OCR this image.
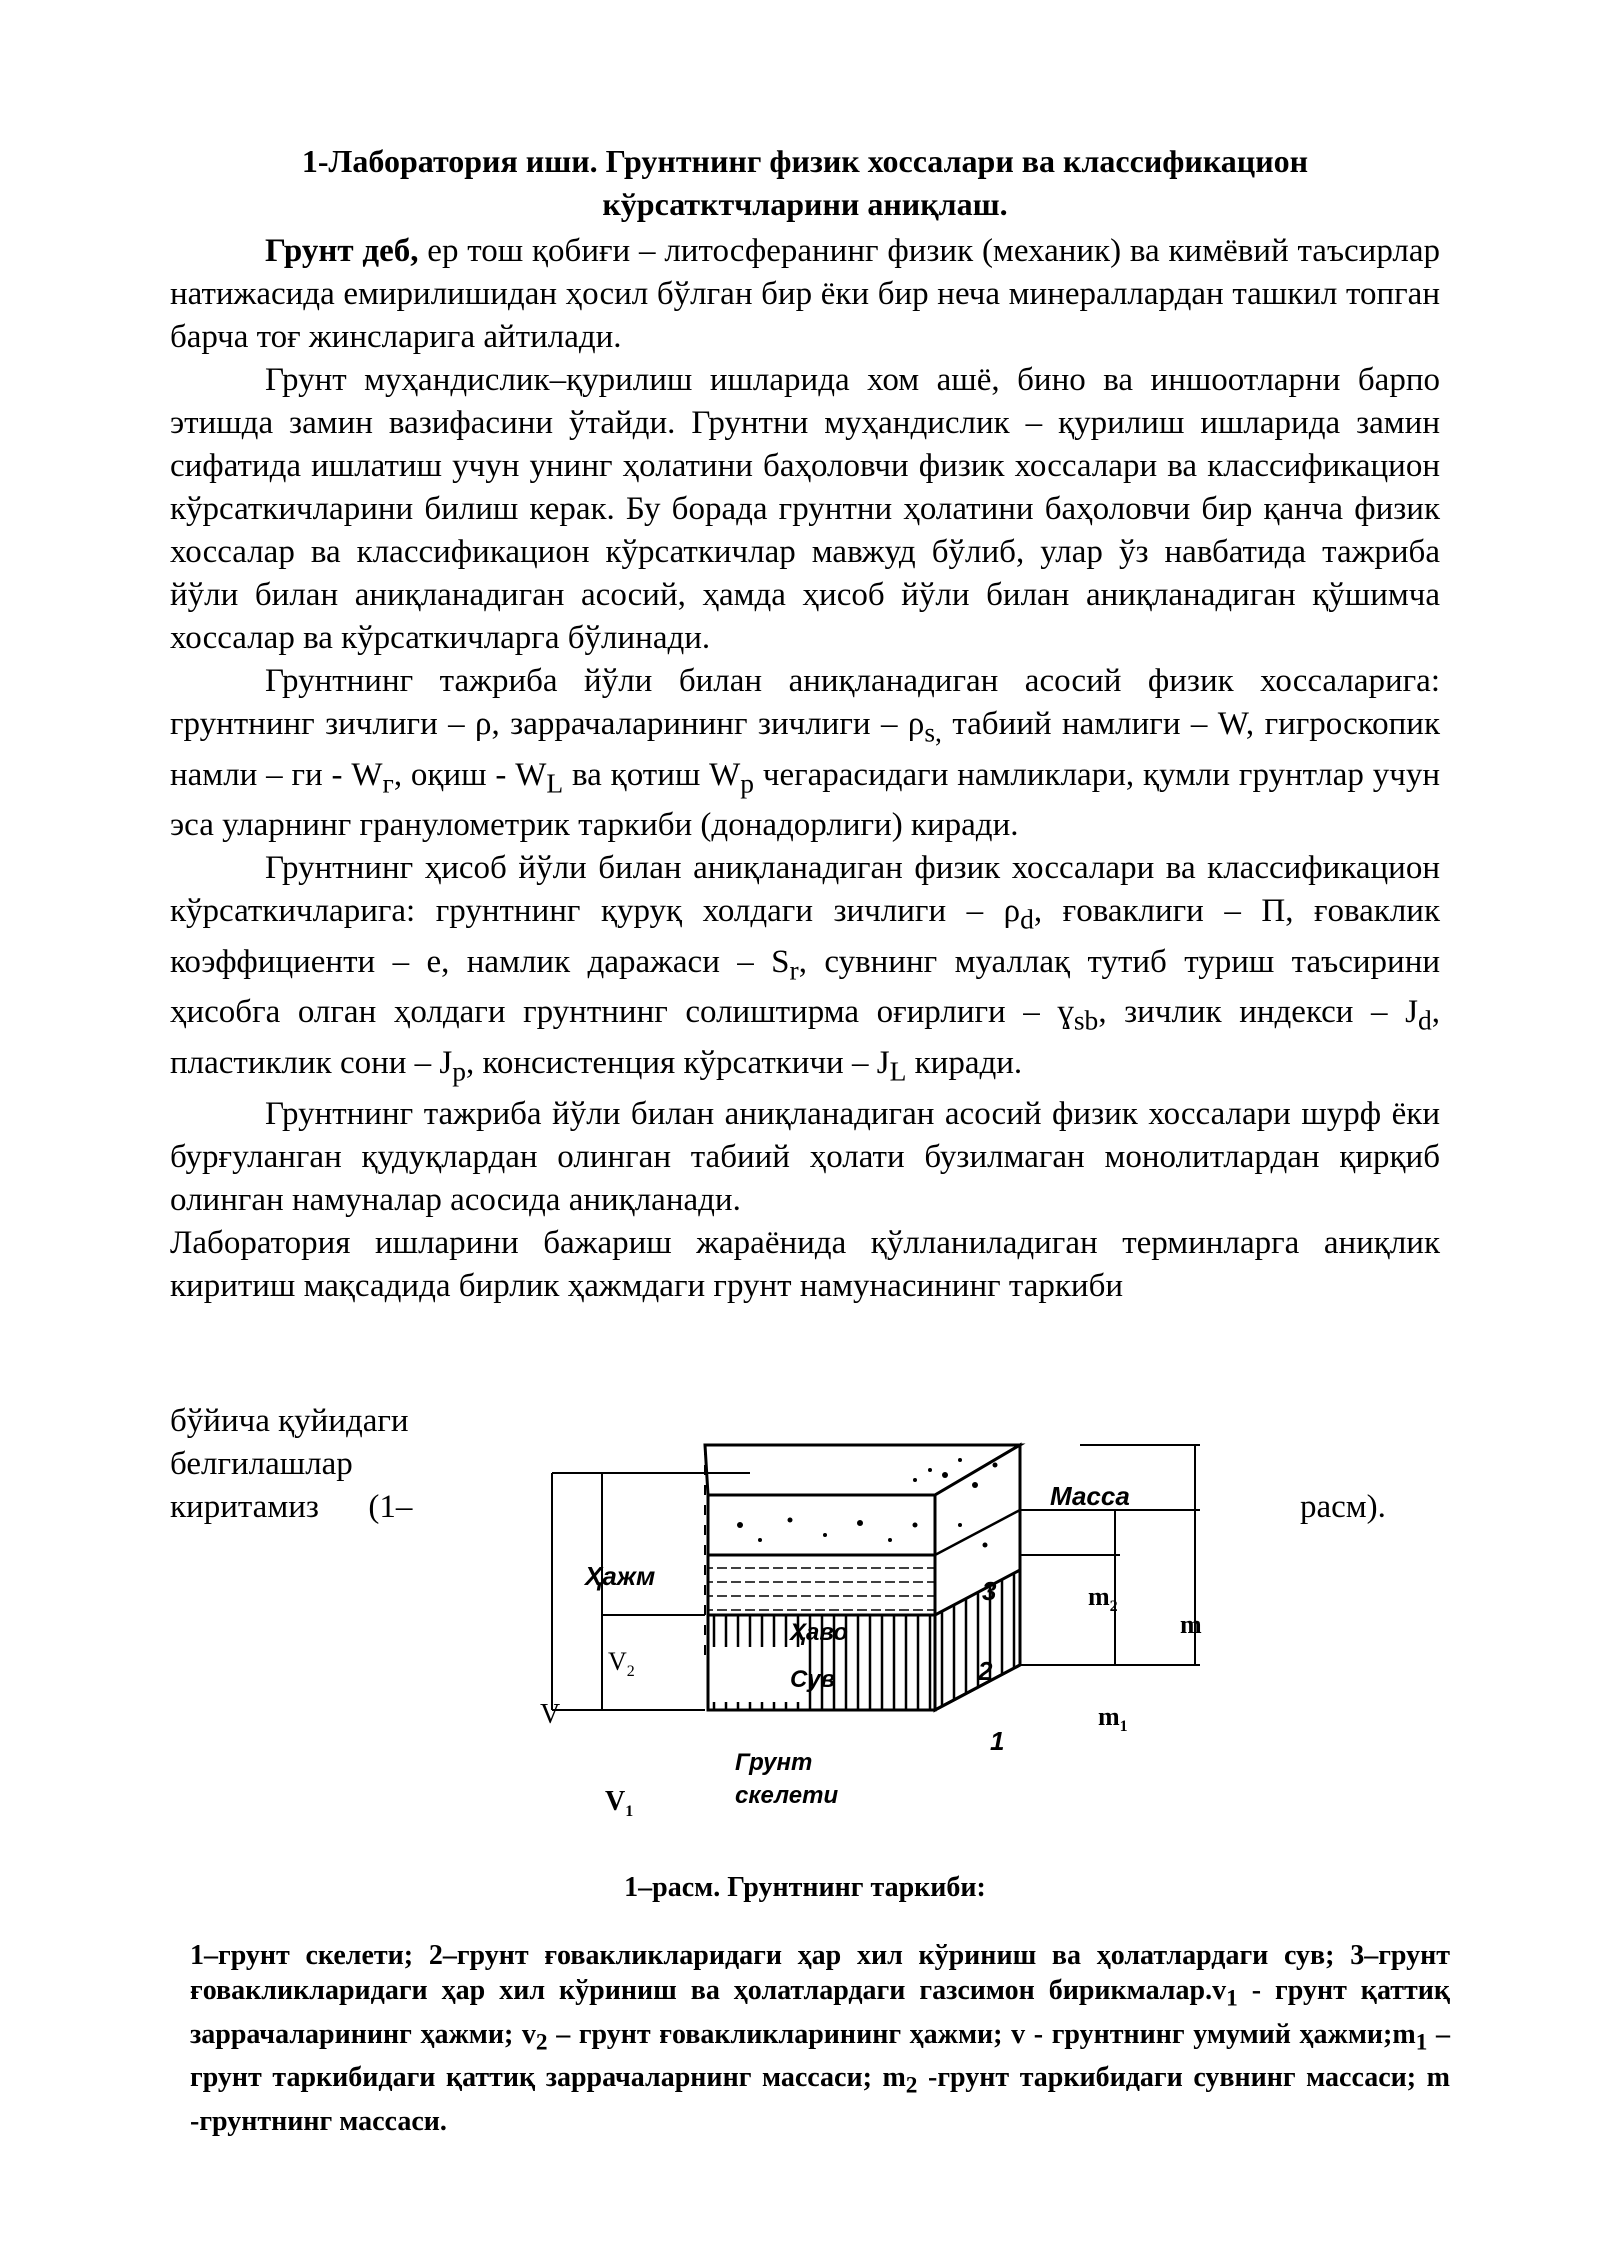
1-Лаборатория иши. Грунтнинг физик хоссалари ва классификацион кўрсатктчларини аниқлаш.

Грунт деб, ер тош қобиғи – литосферанинг физик (механик) ва кимёвий таъсирлар натижасида емирилишидан ҳосил бўлган бир ёки бир неча минераллардан ташкил топган барча тоғ жинсларига айтилади.

Грунт муҳандислик–қурилиш ишларида хом ашё, бино ва иншоотларни барпо этишда замин вазифасини ўтайди. Грунтни муҳандислик – қурилиш ишларида замин сифатида ишлатиш учун унинг ҳолатини баҳоловчи физик хоссалари ва классификацион кўрсаткичларини билиш керак. Бу борада грунтни ҳолатини баҳоловчи бир қанча физик хоссалар ва классификацион кўрсаткичлар мавжуд бўлиб, улар ўз навбатида тажриба йўли билан аниқланадиган асосий, ҳамда ҳисоб йўли билан аниқланадиган қўшимча хоссалар ва кўрсаткичларга бўлинади.

Грунтнинг тажриба йўли билан аниқланадиган асосий физик хоссаларига: грунтнинг зичлиги – ρ, заррачаларининг зичлиги – $\rho_{s,}$ табиий намлиги – W, гигроскопик намли – ги - $W_г$, оқиш - $W_L$ ва қотиш $W_p$ чегарасидаги намликлари, қумли грунтлар учун эса уларнинг гранулометрик таркиби (донадорлиги) киради.

Грунтнинг ҳисоб йўли билан аниқланадиган физик хоссалари ва классификацион кўрсаткичларига: грунтнинг қуруқ холдаги зичлиги – $\rho_d$, ғоваклиги – П, ғоваклик коэффициенти – e, намлик даражаси – $S_r$, сувнинг муаллақ тутиб туриш таъсирини ҳисобга олган ҳолдаги грунтнинг солиштирма оғирлиги – ɣ$_{sb}$, зичлик индекси – $J_d$, пластиклик сони – $J_p$, консистенция кўрсаткичи – $J_L$ киради.

Грунтнинг тажриба йўли билан аниқланадиган асосий физик хоссалари шурф ёки бурғуланган қудуқлардан олинган табиий ҳолати бузилмаган монолитлардан қирқиб олинган намуналар асосида аниқланади.

Лаборатория ишларини бажариш жараёнида қўлланиладиган терминларга аниқлик киритиш мақсадида бирлик ҳажмдаги грунт намунасининг таркиби

бўйича қуйидаги
белгилашлар
киритамиз      (1–	расм).
Масса
Ҳажм
Ҳаво
Сув
Грунт
скелети
3
2
1
$V_2$
V
$V_1$
$m_2$
m
$m_1$

1–расм. Грунтнинг таркиби:

1–грунт скелети; 2–грунт ғовакликларидаги ҳар хил кўриниш ва ҳолатлардаги сув; 3–грунт ғовакликларидаги ҳар хил кўриниш ва ҳолатлардаги газсимон $бирикмалар.v_1$ - грунт қаттиқ заррачаларининг ҳажми; $v_2$ – грунт ғовакликларининг ҳажми; v - грунтнинг умумий $ҳажми;m_1$ – грунт таркибидаги қаттиқ заррачаларнинг массаси; $m_2$ -грунт таркибидаги сувнинг массаси; m -грунтнинг массаси.
